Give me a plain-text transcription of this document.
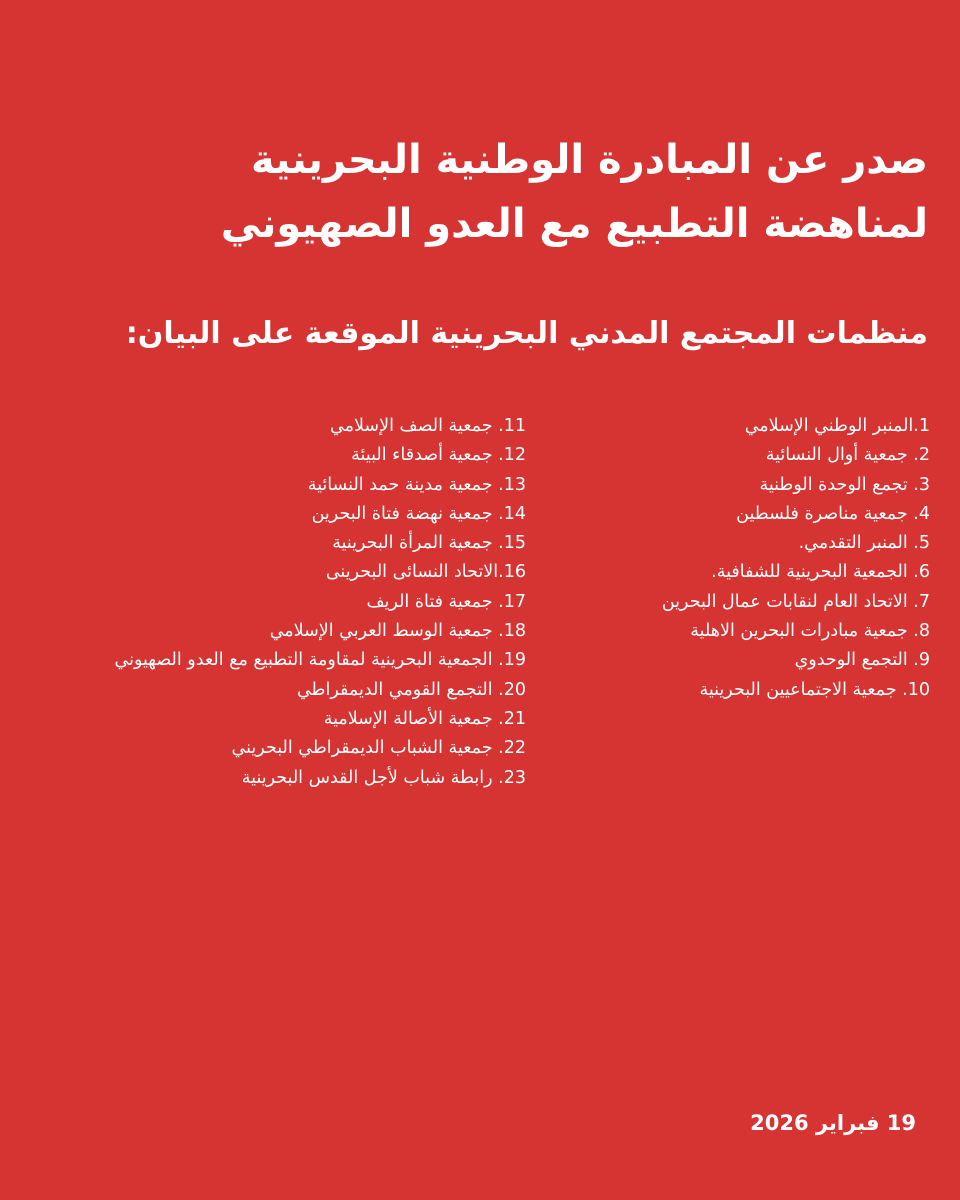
صدر عن المبادرة الوطنية البحرينية
لمناهضة التطبيع مع العدو الصهيوني
منظمات المجتمع المدني البحرينية الموقعة على البيان:
1.المنبر الوطني الإسلامي
2. جمعية أوال النسائية
3. تجمع الوحدة الوطنية
4. جمعية مناصرة فلسطين
5. المنبر التقدمي.
6. الجمعية البحرينية للشفافية.
7. الاتحاد العام لنقابات عمال البحرين
8. جمعية مبادرات البحرين الاهلية
9. التجمع الوحدوي
10. جمعية الاجتماعيين البحرينية
11. جمعية الصف الإسلامي
12. جمعية أصدقاء البيئة
13. جمعية مدينة حمد النسائية
14. جمعية نهضة فتاة البحرين
15. جمعية المرأة البحرينية
16.الاتحاد النسائى البحرينى
17. جمعية فتاة الريف
18. جمعية الوسط العربي الإسلامي
19. الجمعية البحرينية لمقاومة التطبيع مع العدو الصهيوني
20. التجمع القومي الديمقراطي
21. جمعية الأصالة الإسلامية
22. جمعية الشباب الديمقراطي البحريني
23. رابطة شباب لأجل القدس البحرينية
19 فبراير 2026
